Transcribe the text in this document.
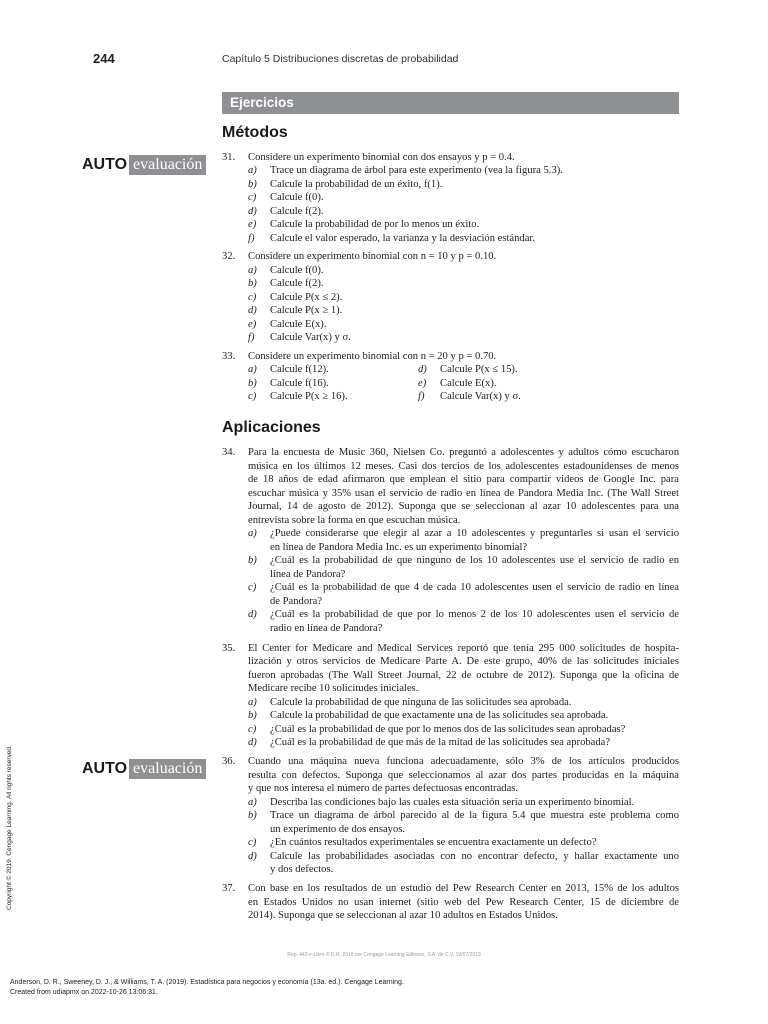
244	Capítulo 5 Distribuciones discretas de probabilidad
Ejercicios
Métodos
AUTO evaluación	31. Considere un experimento binomial con dos ensayos y p = 0.4.
a) Trace un diagrama de árbol para este experimento (vea la figura 5.3).
b) Calcule la probabilidad de un éxito, f(1).
c) Calcule f(0).
d) Calcule f(2).
e) Calcule la probabilidad de por lo menos un éxito.
f) Calcule el valor esperado, la varianza y la desviación estándar.
32. Considere un experimento binomial con n = 10 y p = 0.10.
a) Calcule f(0).
b) Calcule f(2).
c) Calcule P(x ≤ 2).
d) Calcule P(x ≥ 1).
e) Calcule E(x).
f) Calcule Var(x) y σ.
33. Considere un experimento binomial con n = 20 y p = 0.70.
a) Calcule f(12).
b) Calcule f(16).
c) Calcule P(x ≥ 16).
d) Calcule P(x ≤ 15).
e) Calcule E(x).
f) Calcule Var(x) y σ.
Aplicaciones
34. Para la encuesta de Music 360, Nielsen Co. preguntó a adolescentes y adultos cómo escucharon
música en los últimos 12 meses. Casi dos tercios de los adolescentes estadounidenses de menos
de 18 años de edad afirmaron que emplean el sitio para compartir videos de Google Inc. para
escuchar música y 35% usan el servicio de radio en línea de Pandora Media Inc. (The Wall Street
Journal, 14 de agosto de 2012). Suponga que se seleccionan al azar 10 adolescentes para una
entrevista sobre la forma en que escuchan música.
a) ¿Puede considerarse que elegir al azar a 10 adolescentes y preguntarles si usan el servicio
en línea de Pandora Media Inc. es un experimento binomial?
b) ¿Cuál es la probabilidad de que ninguno de los 10 adolescentes use el servicio de radio en
línea de Pandora?
c) ¿Cuál es la probabilidad de que 4 de cada 10 adolescentes usen el servicio de radio en línea
de Pandora?
d) ¿Cuál es la probabilidad de que por lo menos 2 de los 10 adolescentes usen el servicio de
radio en línea de Pandora?
35. El Center for Medicare and Medical Services reportó que tenía 295 000 solicitudes de hospita-
lización y otros servicios de Medicare Parte A. De este grupo, 40% de las solicitudes iniciales
fueron aprobadas (The Wall Street Journal, 22 de octubre de 2012). Suponga que la oficina de
Medicare recibe 10 solicitudes iniciales.
a) Calcule la probabilidad de que ninguna de las solicitudes sea aprobada.
b) Calcule la probabilidad de que exactamente una de las solicitudes sea aprobada.
c) ¿Cuál es la probabilidad de que por lo menos dos de las solicitudes sean aprobadas?
d) ¿Cuál es la probabilidad de que más de la mitad de las solicitudes sea aprobada?
AUTO evaluación	36. Cuando una máquina nueva funciona adecuadamente, sólo 3% de los artículos producidos
resulta con defectos. Suponga que seleccionamos al azar dos partes producidas en la máquina
y que nos interesa el número de partes defectuosas encontradas.
a) Describa las condiciones bajo las cuales esta situación sería un experimento binomial.
b) Trace un diagrama de árbol parecido al de la figura 5.4 que muestra este problema como
un experimento de dos ensayos.
c) ¿En cuántos resultados experimentales se encuentra exactamente un defecto?
d) Calcule las probabilidades asociadas con no encontrar defecto, y hallar exactamente uno
y dos defectos.
37. Con base en los resultados de un estudio del Pew Research Center en 2013, 15% de los adultos
en Estados Unidos no usan internet (sitio web del Pew Research Center, 15 de diciembre de
2014). Suponga que se seleccionan al azar 10 adultos en Estados Unidos.
Rep. 443 e-Libro © D.R. 2019 por Cengage Learning Editores, S.A. de C.V. 19/07/2019
Anderson, D. R., Sweeney, D. J., & Williams, T. A. (2019). Estadística para negocios y economía (13a. ed.). Cengage Learning.
Created from udiapmx on 2022-10-26 13:06:31.
Copyright © 2019. Cengage Learning. All rights reserved.
